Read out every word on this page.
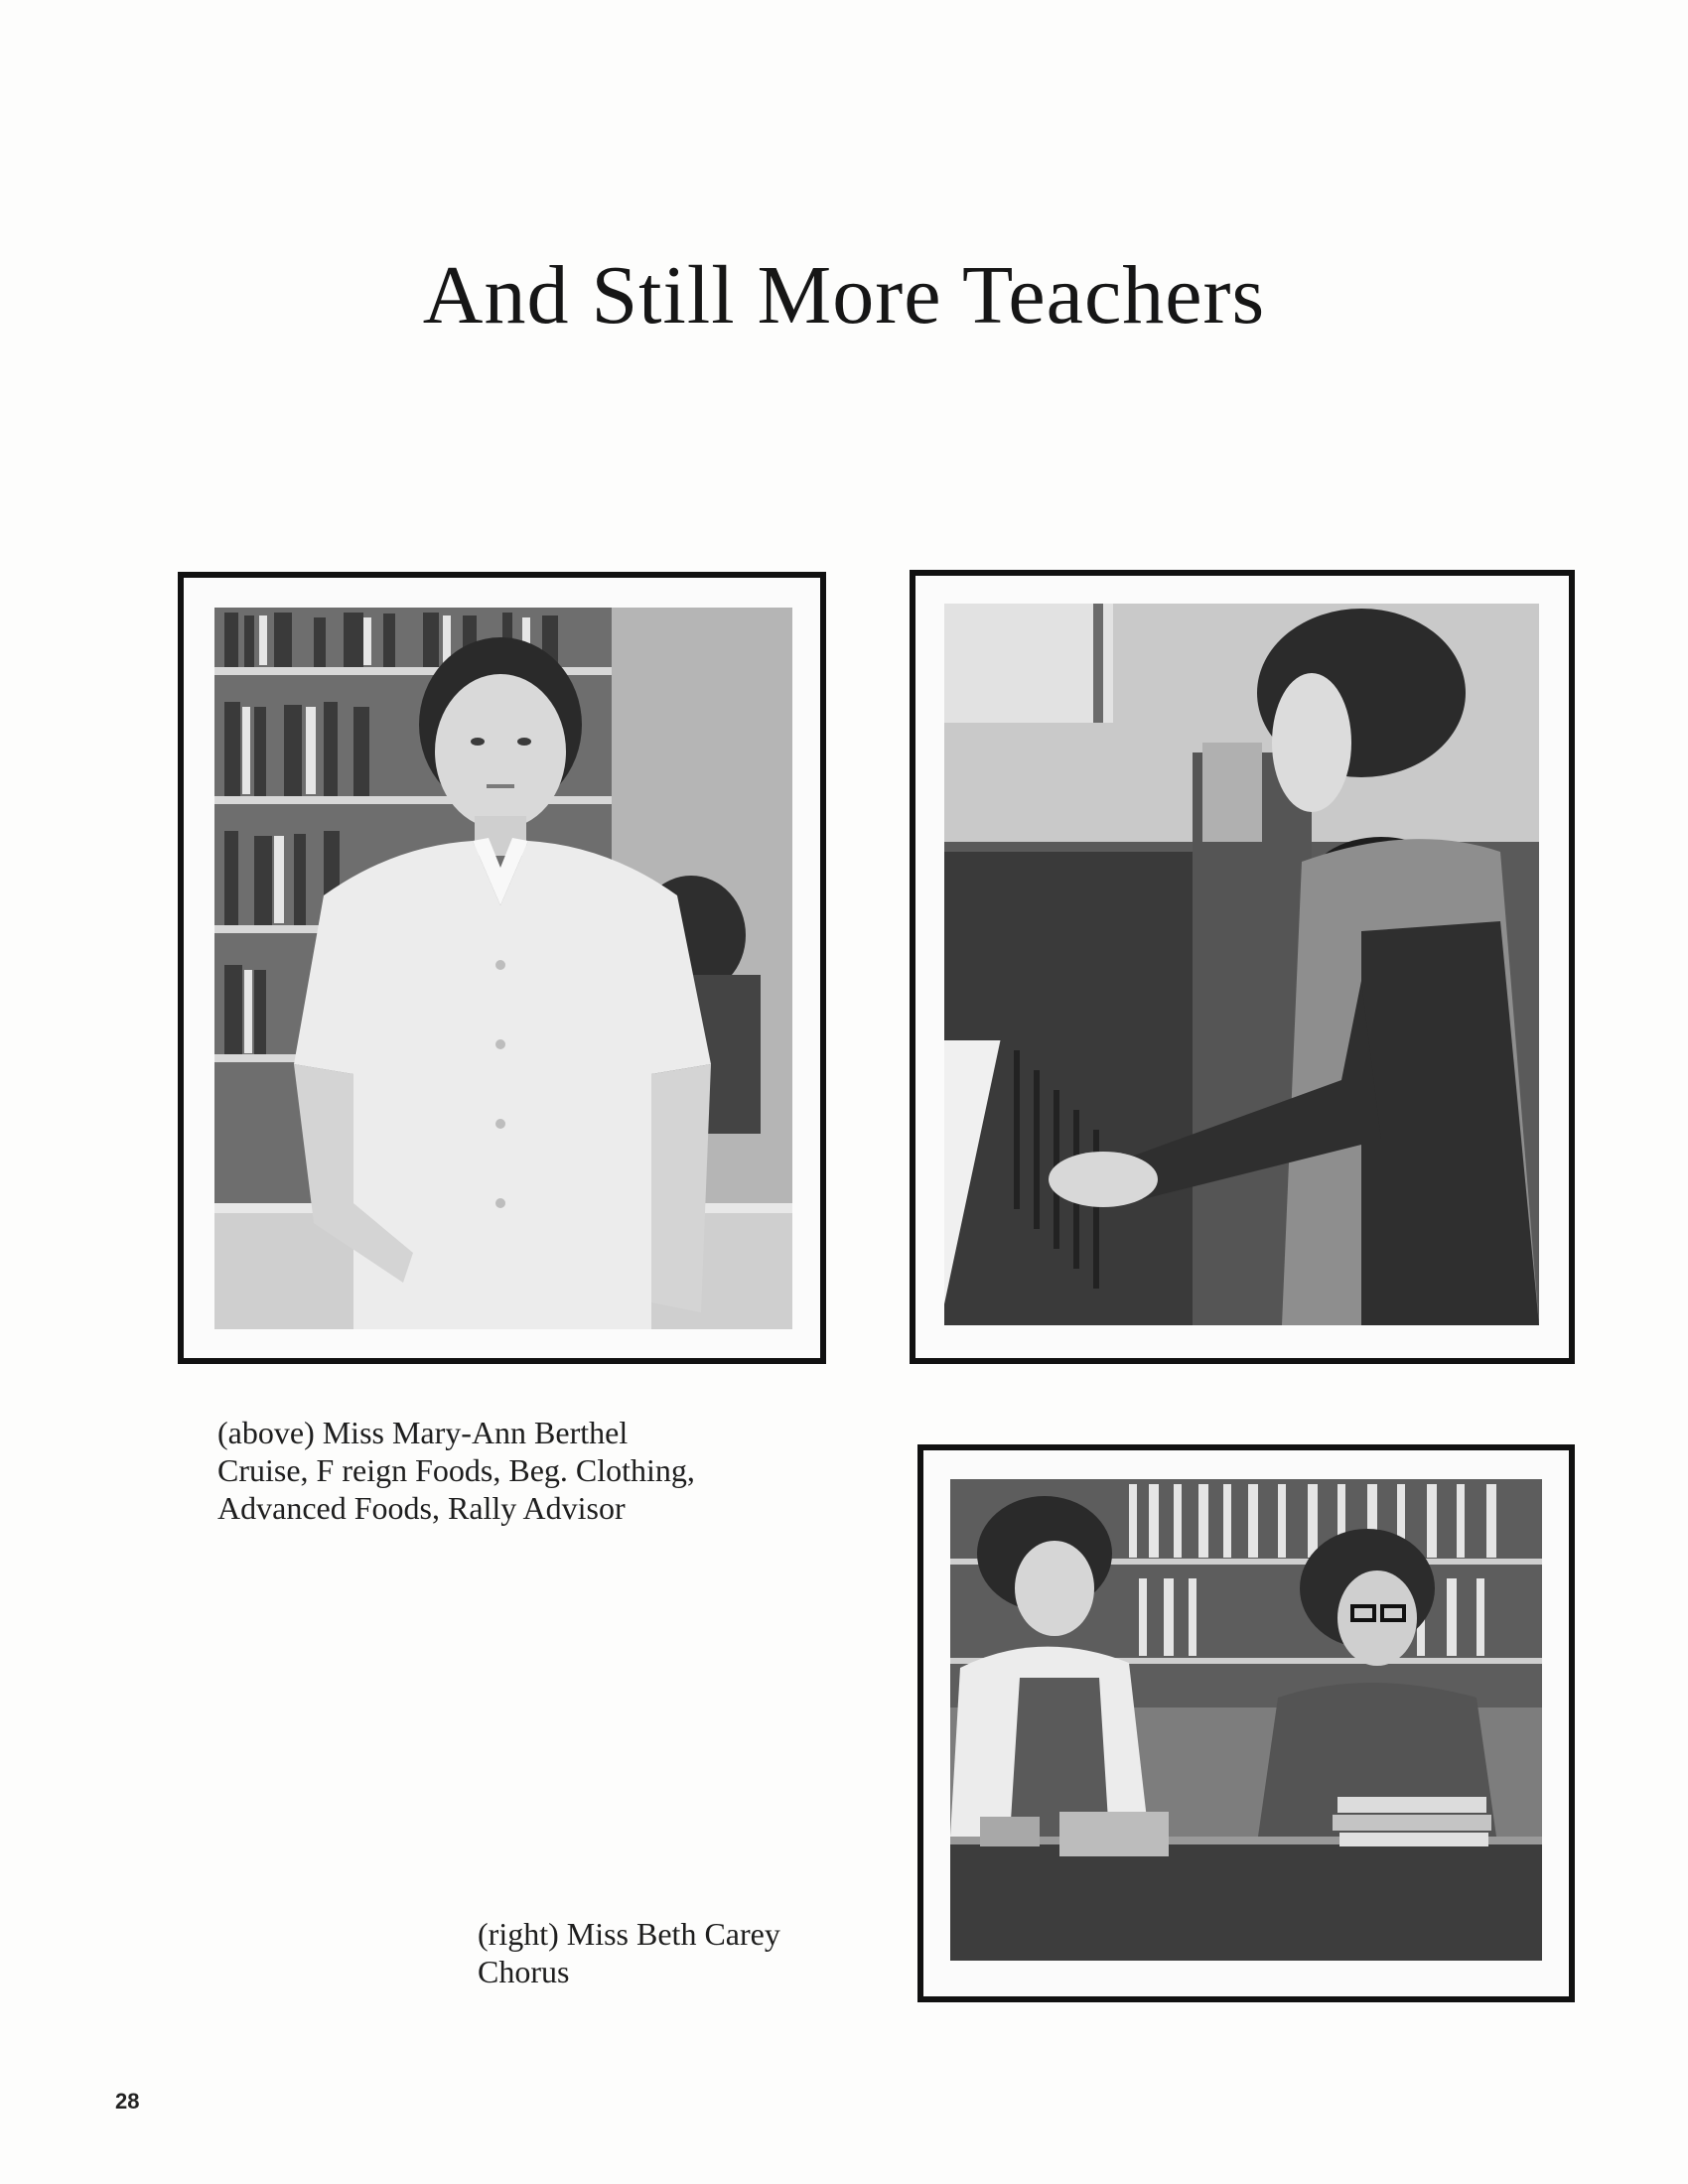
And Still More Teachers
(above) Miss Mary-Ann Berthel
Cruise, F reign Foods, Beg. Clothing,
Advanced Foods, Rally Advisor
(right) Miss Beth Carey
Chorus
28
